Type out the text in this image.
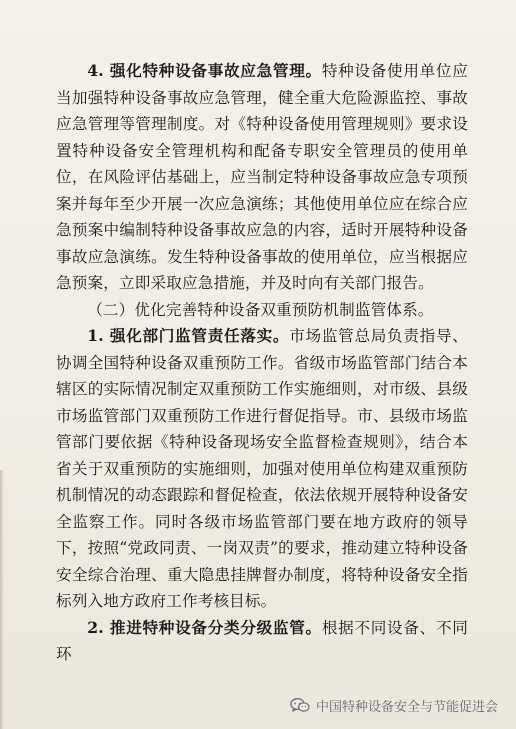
4. 强化特种设备事故应急管理。特种设备使用单位应当加强特种设备事故应急管理，健全重大危险源监控、事故应急管理等管理制度。对《特种设备使用管理规则》要求设置特种设备安全管理机构和配备专职安全管理员的使用单位，在风险评估基础上，应当制定特种设备事故应急专项预案并每年至少开展一次应急演练；其他使用单位应在综合应急预案中编制特种设备事故应急的内容，适时开展特种设备事故应急演练。发生特种设备事故的使用单位，应当根据应急预案，立即采取应急措施，并及时向有关部门报告。

（二）优化完善特种设备双重预防机制监管体系。

1. 强化部门监管责任落实。市场监管总局负责指导、协调全国特种设备双重预防工作。省级市场监管部门结合本辖区的实际情况制定双重预防工作实施细则，对市级、县级市场监管部门双重预防工作进行督促指导。市、县级市场监管部门要依据《特种设备现场安全监督检查规则》，结合本省关于双重预防的实施细则，加强对使用单位构建双重预防机制情况的动态跟踪和督促检查，依法依规开展特种设备安全监察工作。同时各级市场监管部门要在地方政府的领导下，按照“党政同责、一岗双责”的要求，推动建立特种设备安全综合治理、重大隐患挂牌督办制度，将特种设备安全指标列入地方政府工作考核目标。

2. 推进特种设备分类分级监管。根据不同设备、不同环

中国特种设备安全与节能促进会
